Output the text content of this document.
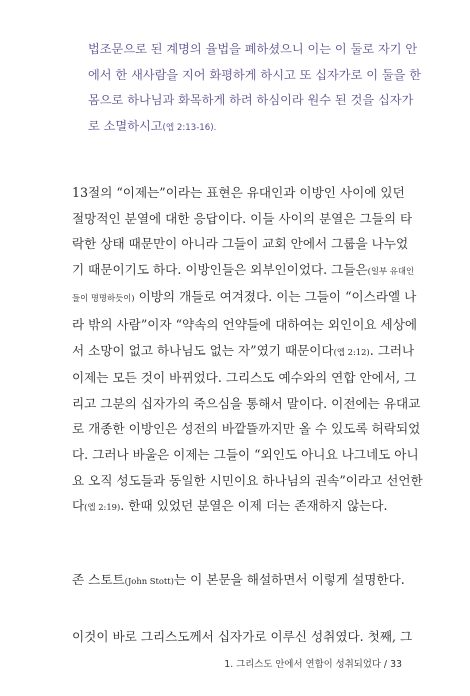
법조문으로 된 계명의 율법을 폐하셨으니 이는 이 둘로 자기 안
에서 한 새사람을 지어 화평하게 하시고 또 십자가로 이 둘을 한
몸으로 하나님과 화목하게 하려 하심이라 원수 된 것을 십자가
로 소멸하시고(엡 2:13-16).
13절의 “이제는”이라는 표현은 유대인과 이방인 사이에 있던
절망적인 분열에 대한 응답이다. 이들 사이의 분열은 그들의 타
락한 상태 때문만이 아니라 그들이 교회 안에서 그룹을 나누었
기 때문이기도 하다. 이방인들은 외부인이었다. 그들은(일부 유대인
들이 명명하듯이) 이방의 개들로 여겨졌다. 이는 그들이 “이스라엘 나
라 밖의 사람”이자 “약속의 언약들에 대하여는 외인이요 세상에
서 소망이 없고 하나님도 없는 자”였기 때문이다(엡 2:12). 그러나
이제는 모든 것이 바뀌었다. 그리스도 예수와의 연합 안에서, 그
리고 그분의 십자가의 죽으심을 통해서 말이다. 이전에는 유대교
로 개종한 이방인은 성전의 바깥뜰까지만 올 수 있도록 허락되었
다. 그러나 바울은 이제는 그들이 “외인도 아니요 나그네도 아니
요 오직 성도들과 동일한 시민이요 하나님의 권속”이라고 선언한
다(엡 2:19). 한때 있었던 분열은 이제 더는 존재하지 않는다.
존 스토트(John Stott)는 이 본문을 해설하면서 이렇게 설명한다.
이것이 바로 그리스도께서 십자가로 이루신 성취였다. 첫째, 그
1. 그리스도 안에서 연합이 성취되었다 / 33
